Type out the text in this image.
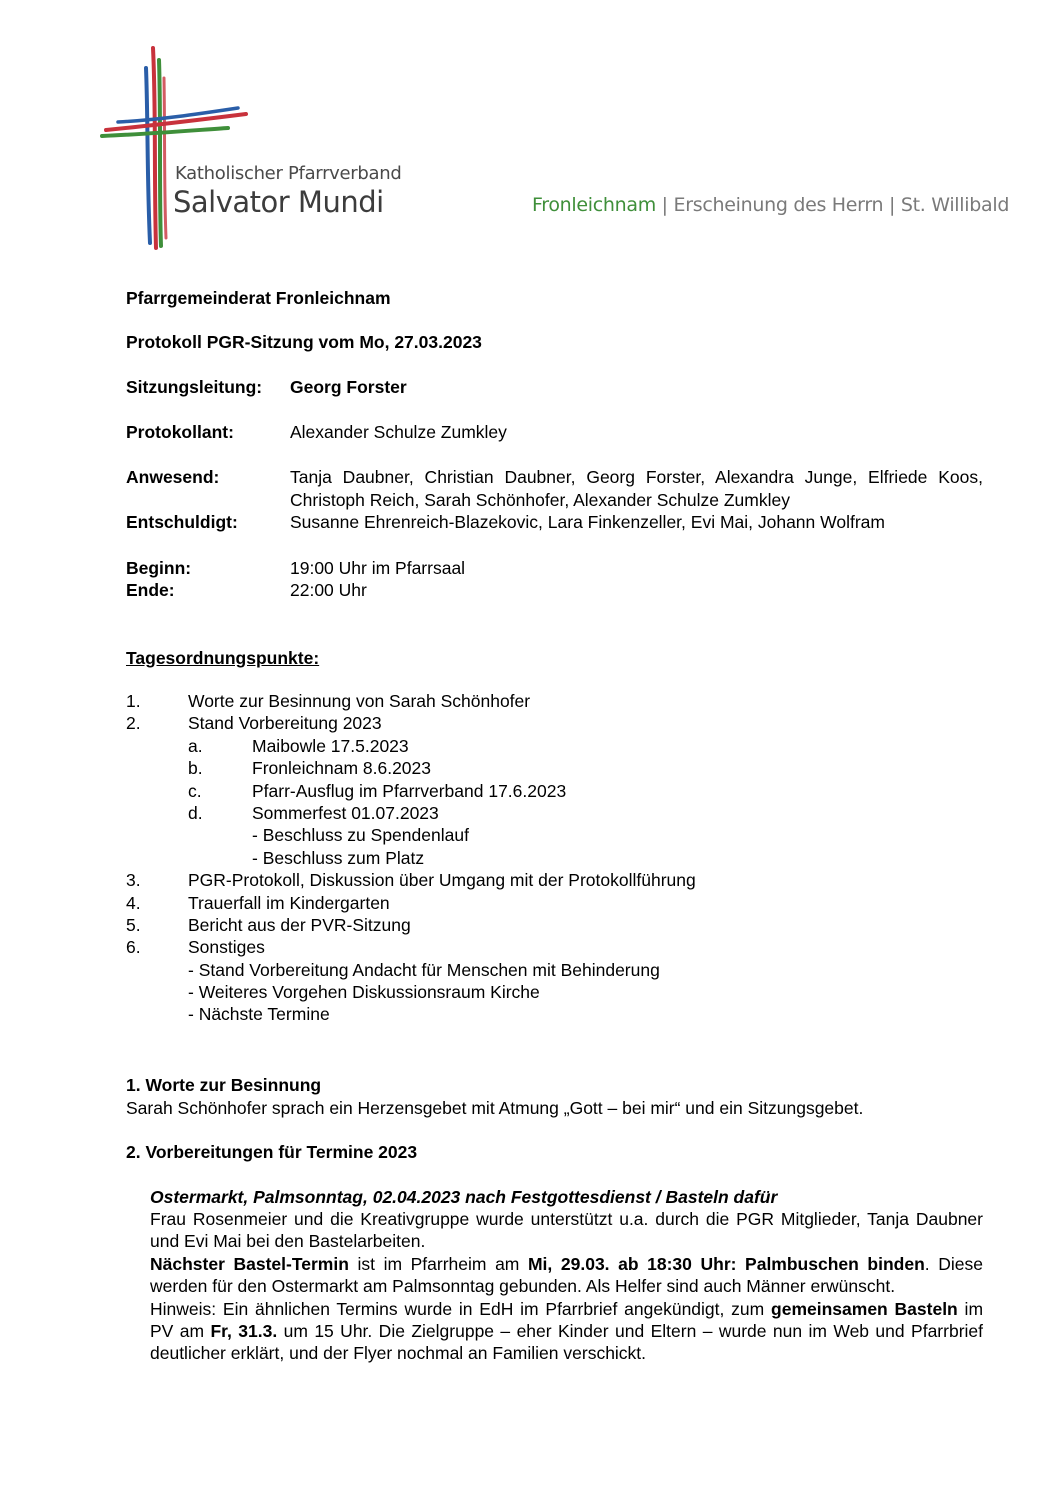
Katholischer Pfarrverband
Salvator Mundi	Fronleichnam | Erscheinung des Herrn | St. Willibald
Pfarrgemeinderat Fronleichnam
Protokoll PGR-Sitzung vom Mo, 27.03.2023
Sitzungsleitung: Georg Forster
Protokollant:	Alexander Schulze Zumkley
Anwesend:	Tanja Daubner, Christian Daubner, Georg Forster, Alexandra Junge, Elfriede Koos, Christoph Reich, Sarah Schönhofer, Alexander Schulze Zumkley
Entschuldigt:	Susanne Ehrenreich-Blazekovic, Lara Finkenzeller, Evi Mai, Johann Wolfram
Beginn:	19:00 Uhr im Pfarrsaal
Ende:	22:00 Uhr
Tagesordnungspunkte:
1.	Worte zur Besinnung von Sarah Schönhofer
2.	Stand Vorbereitung 2023
a.	Maibowle 17.5.2023
b.	Fronleichnam 8.6.2023
c.	Pfarr-Ausflug im Pfarrverband 17.6.2023
d.	Sommerfest 01.07.2023
- Beschluss zu Spendenlauf
- Beschluss zum Platz
3.	PGR-Protokoll, Diskussion über Umgang mit der Protokollführung
4.	Trauerfall im Kindergarten
5.	Bericht aus der PVR-Sitzung
6.	Sonstiges
- Stand Vorbereitung Andacht für Menschen mit Behinderung
- Weiteres Vorgehen Diskussionsraum Kirche
- Nächste Termine
1. Worte zur Besinnung
Sarah Schönhofer sprach ein Herzensgebet mit Atmung „Gott – bei mir“ und ein Sitzungsgebet.
2. Vorbereitungen für Termine 2023
Ostermarkt, Palmsonntag, 02.04.2023 nach Festgottesdienst / Basteln dafür

Frau Rosenmeier und die Kreativgruppe wurde unterstützt u.a. durch die PGR Mitglieder, Tanja Daubner und Evi Mai bei den Bastelarbeiten.

Nächster Bastel-Termin ist im Pfarrheim am Mi, 29.03. ab 18:30 Uhr: Palmbuschen binden. Diese werden für den Ostermarkt am Palmsonntag gebunden. Als Helfer sind auch Männer erwünscht.

Hinweis: Ein ähnlichen Termins wurde in EdH im Pfarrbrief angekündigt, zum gemeinsamen Basteln im PV am Fr, 31.3. um 15 Uhr. Die Zielgruppe – eher Kinder und Eltern – wurde nun im Web und Pfarrbrief deutlicher erklärt, und der Flyer nochmal an Familien verschickt.
